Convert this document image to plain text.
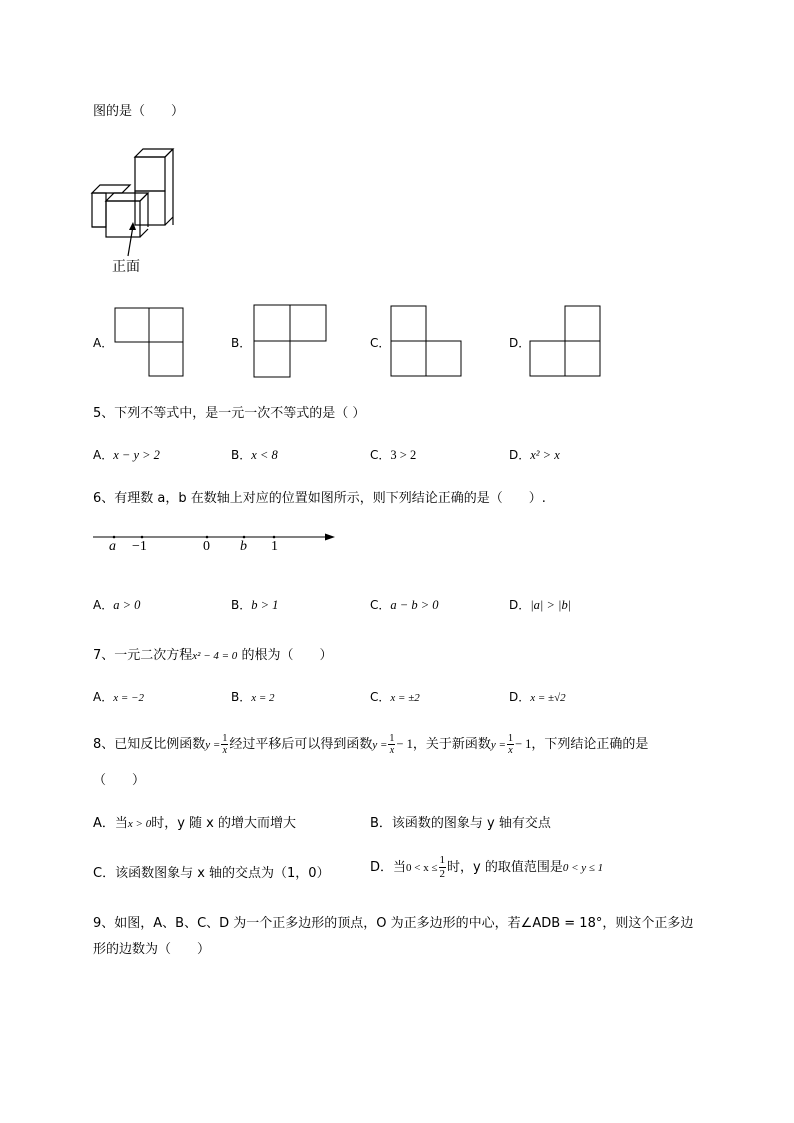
图的是（　　）
正面
A．	B．	C．	D．
5、下列不等式中，是一元一次不等式的是（ ）
A．x − y > 2	B．x < 8	C．3 > 2	D．x² > x
6、有理数 a，b 在数轴上对应的位置如图所示，则下列结论正确的是（　　）.
a −1	0 b 1
A．a > 0	B．b > 1	C．a − b > 0	D．|a| > |b|
7、一元二次方程x² − 4 = 0 的根为（　　）
A．x = −2	B．x = 2	C．x = ±2	D．x = ±√2
8、已知反比例函数$y = \frac{1}{x}$ 经过平移后可以得到函数$y = \frac{1}{x} - 1$，关于新函数$y = \frac{1}{x} - 1$，下列结论正确的是
（　　）
A．当x > 0时，y 随 x 的增大而增大	B．该函数的图象与 y 轴有交点
C．该函数图象与 x 轴的交点为（1，0）	D．当$0 < x \le \frac{1}{2}$ 时，y 的取值范围是0 < y ≤ 1
9、如图，A、B、C、D 为一个正多边形的顶点，O 为正多边形的中心，若∠ADB = 18°，则这个正多边
形的边数为（　　）
